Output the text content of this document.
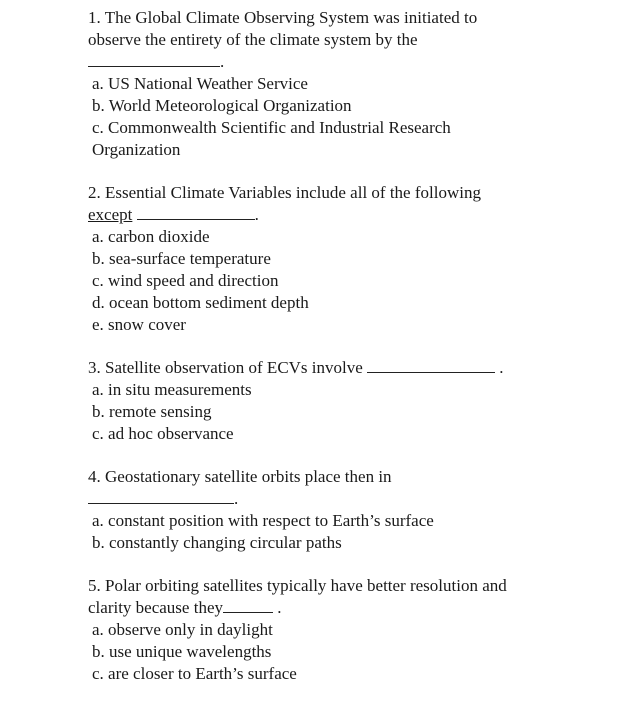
1. The Global Climate Observing System was initiated to
observe the entirety of the climate system by the
.
a. US National Weather Service
b. World Meteorological Organization
c. Commonwealth Scientific and Industrial Research
Organization
2. Essential Climate Variables include all of the following
except	.
a. carbon dioxide
b. sea-surface temperature
c. wind speed and direction
d. ocean bottom sediment depth
e. snow cover
3. Satellite observation of ECVs involve	.
a. in situ measurements
b. remote sensing
c. ad hoc observance
4. Geostationary satellite orbits place then in
.
a. constant position with respect to Earth’s surface
b. constantly changing circular paths
5. Polar orbiting satellites typically have better resolution and
clarity because they	.
a. observe only in daylight
b. use unique wavelengths
c. are closer to Earth’s surface
